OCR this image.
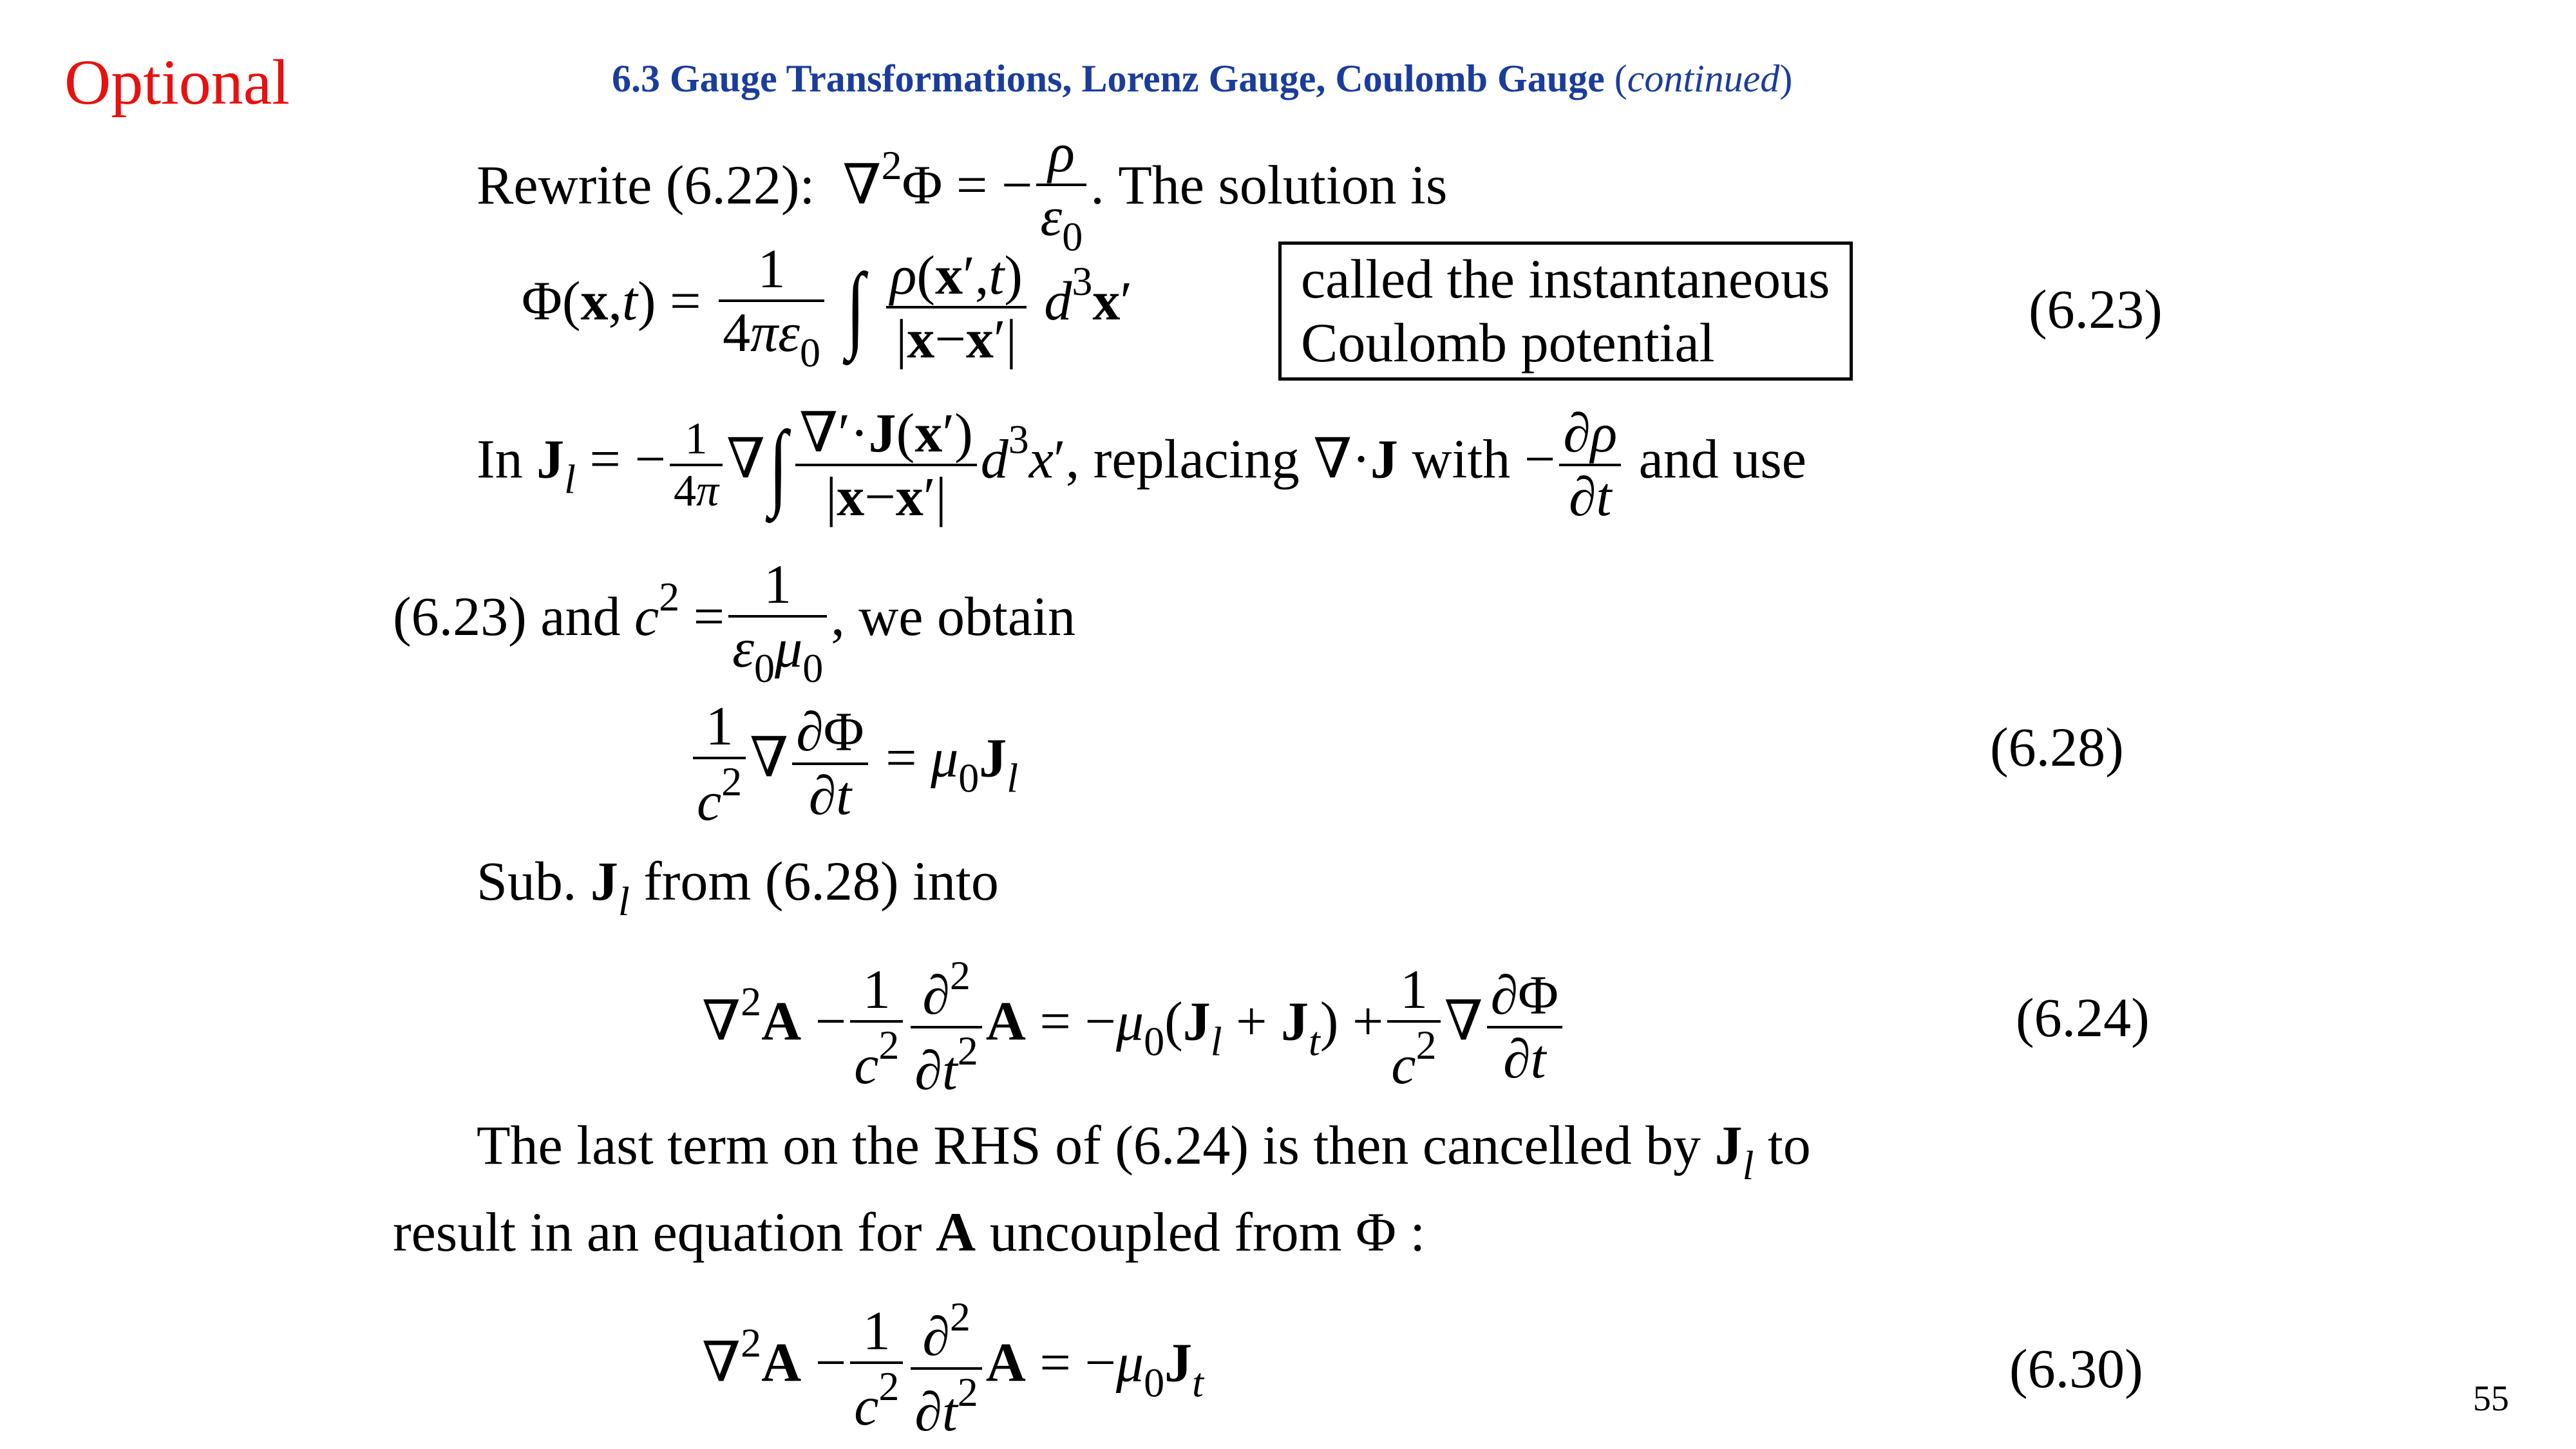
Optional	6.3 Gauge Transformations, Lorenz Gauge, Coulomb Gauge (continued)
Rewrite (6.22):  ∇$^2$Φ = − $\frac{\rho}{\varepsilon_0}$ . The solution is
$\Phi(x,t) = \frac{1}{4\pi\varepsilon_0}$ ∫ $\frac{\rho(x',t)}{|x-x'|} d^3x'$	called the instantaneous
Coulomb potential
(6.23)
In $J_l$ = − $\frac{1}{4\pi}$ ∇∫ $\frac{\nabla'\cdot J(x')}{|x-x'|} d^3x'$, replacing ∇·J with − $\frac{\partial\rho}{\partial t}$ and use
(6.23) and $c^2 = \frac{1}{\varepsilon_0\mu_0}$ , we obtain
$\frac{1}{c^2}$ ∇ $\frac{\partial\Phi}{\partial t} = \mu_0J_l$	(6.28)
Sub. $J_l$ from (6.28) into
$\nabla^2A - \frac{1}{c^2} \frac{\partial^2}{\partial t^2}$ $A = -\mu_0(J_l + J_t) + \frac{1}{c^2}$ ∇ $\frac{\partial\Phi}{\partial t}$	(6.24)
The last term on the RHS of (6.24) is then cancelled by $J_l$ to
result in an equation for A uncoupled from Φ :
$\nabla^2A - \frac{1}{c^2} \frac{\partial^2}{\partial t^2}$ $A = -\mu_0J_t$	(6.30)	55
